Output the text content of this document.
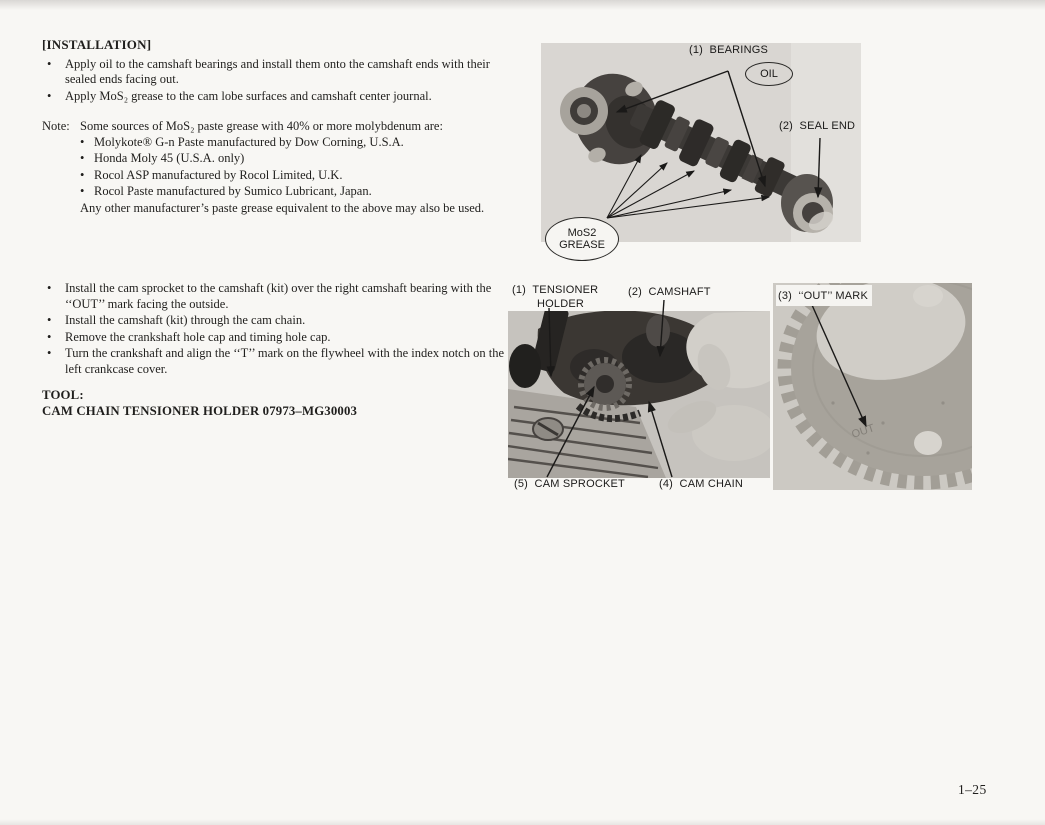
[INSTALLATION]
•
Apply oil to the camshaft bearings and install them onto the camshaft ends with their sealed ends facing out.
•
Apply MoS₂ grease to the cam lobe surfaces and camshaft center journal.
Note: Some sources of MoS₂ paste grease with 40% or more molybdenum are:
•
Molykote® G-n Paste manufactured by Dow Corning, U.S.A.
•
Honda Moly 45 (U.S.A. only)
•
Rocol ASP manufactured by Rocol Limited, U.K.
•
Rocol Paste manufactured by Sumico Lubricant, Japan.
Any other manufacturer’s paste grease equivalent to the above may also be used.
•
Install the cam sprocket to the camshaft (kit) over the right camshaft bearing with the ‘‘OUT’’ mark facing the outside.
•
Install the camshaft (kit) through the cam chain.
•
Remove the crankshaft hole cap and timing hole cap.
•
Turn the crankshaft and align the ‘‘T’’ mark on the flywheel with the index notch on the left crankcase cover.
TOOL:
CAM CHAIN TENSIONER HOLDER 07973–MG30003
OUT
(1)  BEARINGS
OIL
(2)  SEAL END
MoS2
GREASE
(1)  TENSIONER
HOLDER
(2)  CAMSHAFT
(5)  CAM SPROCKET	(4)  CAM CHAIN
(3)  ‘‘OUT’’ MARK
1–25
